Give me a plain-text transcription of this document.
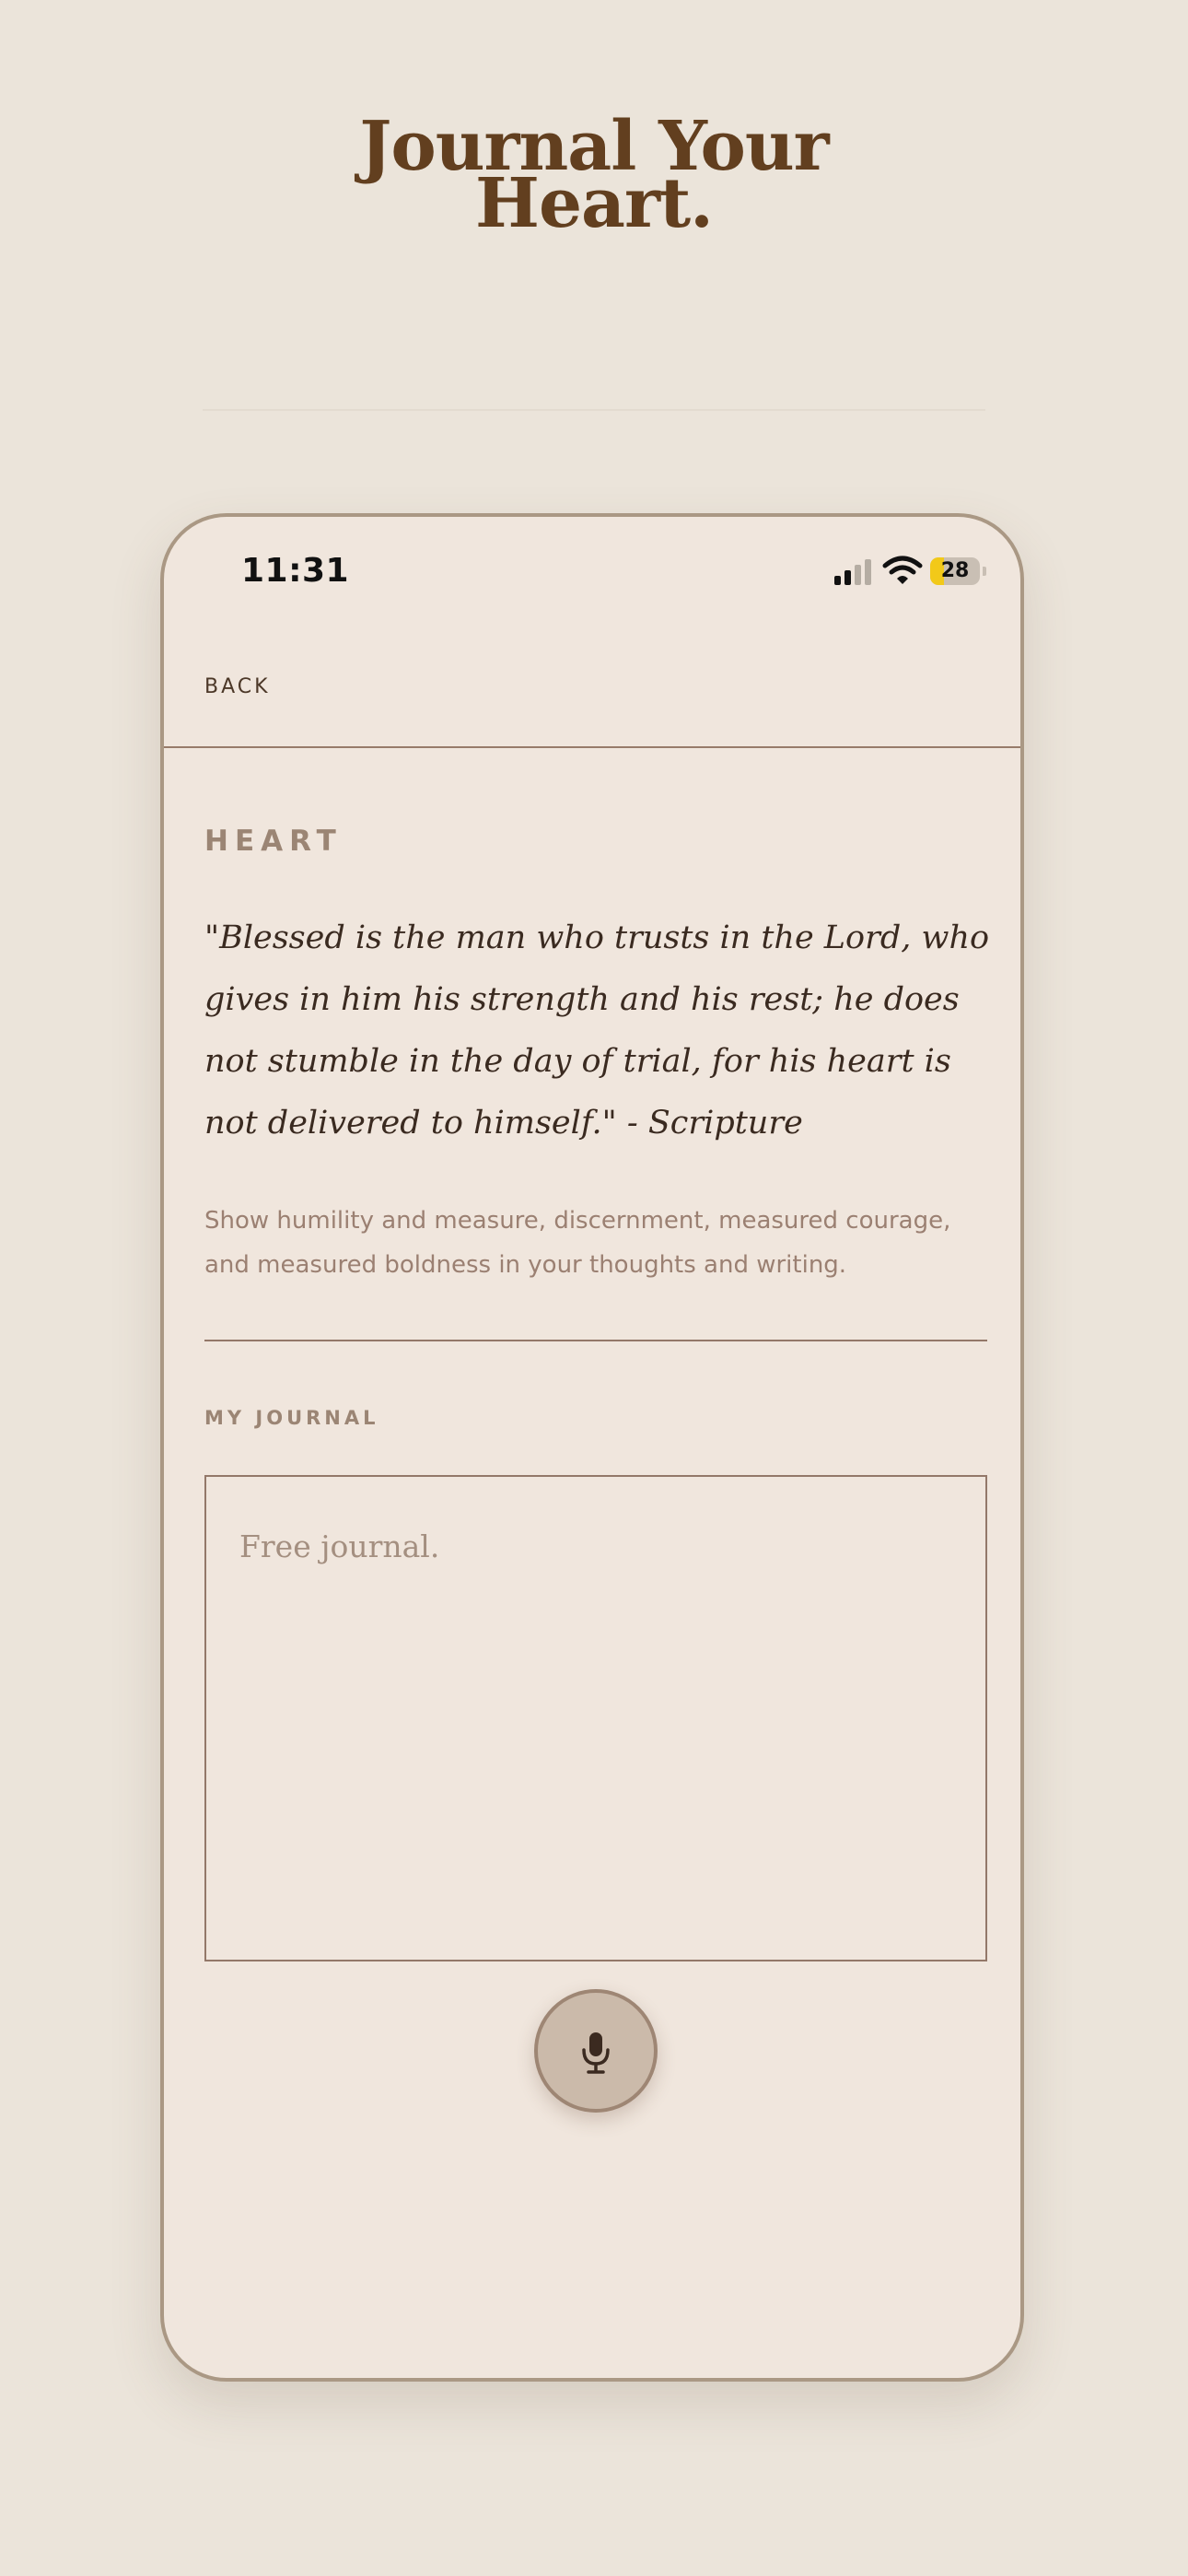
Journal Your
Heart.
11:31	28
BACK
HEART

"Blessed is the man who trusts in the Lord, who gives in him his strength and his rest; he does not stumble in the day of trial, for his heart is not delivered to himself." - Scripture

Show humility and measure, discernment, measured courage, and measured boldness in your thoughts and writing.

MY JOURNAL
Free journal.
